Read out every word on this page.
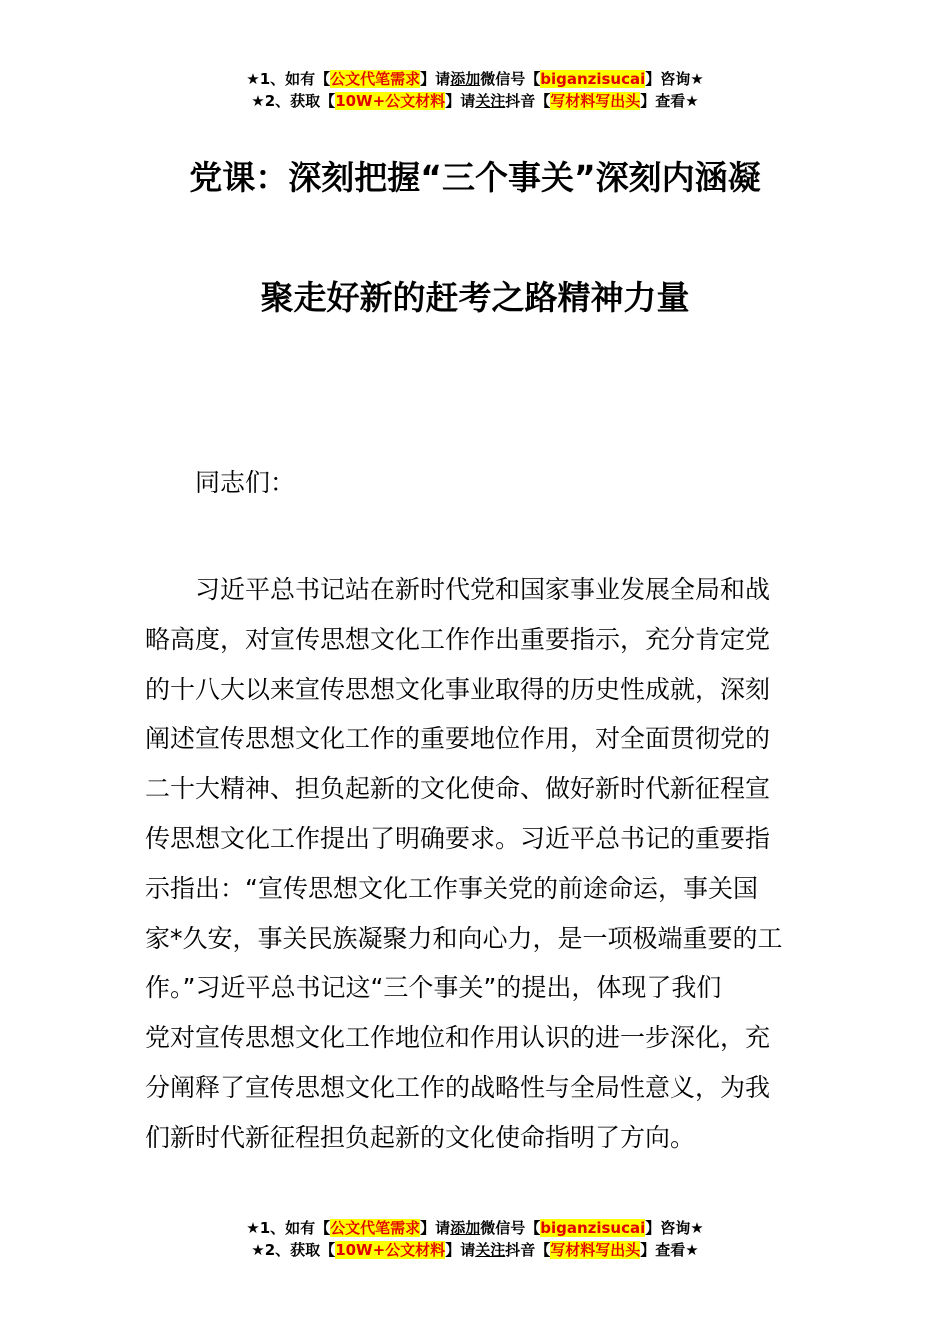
★1、如有【公文代笔需求】请添加微信号【biganzisucai】咨询★
★2、获取【10W+公文材料】请关注抖音【写材料写出头】查看★
党课：深刻把握“三个事关”深刻内涵凝
聚走好新的赶考之路精神力量
同志们：
习近平总书记站在新时代党和国家事业发展全局和战
略高度，对宣传思想文化工作作出重要指示，充分肯定党
的十八大以来宣传思想文化事业取得的历史性成就，深刻
阐述宣传思想文化工作的重要地位作用，对全面贯彻党的
二十大精神、担负起新的文化使命、做好新时代新征程宣
传思想文化工作提出了明确要求。习近平总书记的重要指
示指出：“宣传思想文化工作事关党的前途命运，事关国
家*久安，事关民族凝聚力和向心力，是一项极端重要的工
作。”习近平总书记这“三个事关”的提出，体现了我们
党对宣传思想文化工作地位和作用认识的进一步深化，充
分阐释了宣传思想文化工作的战略性与全局性意义，为我
们新时代新征程担负起新的文化使命指明了方向。
★1、如有【公文代笔需求】请添加微信号【biganzisucai】咨询★
★2、获取【10W+公文材料】请关注抖音【写材料写出头】查看★
